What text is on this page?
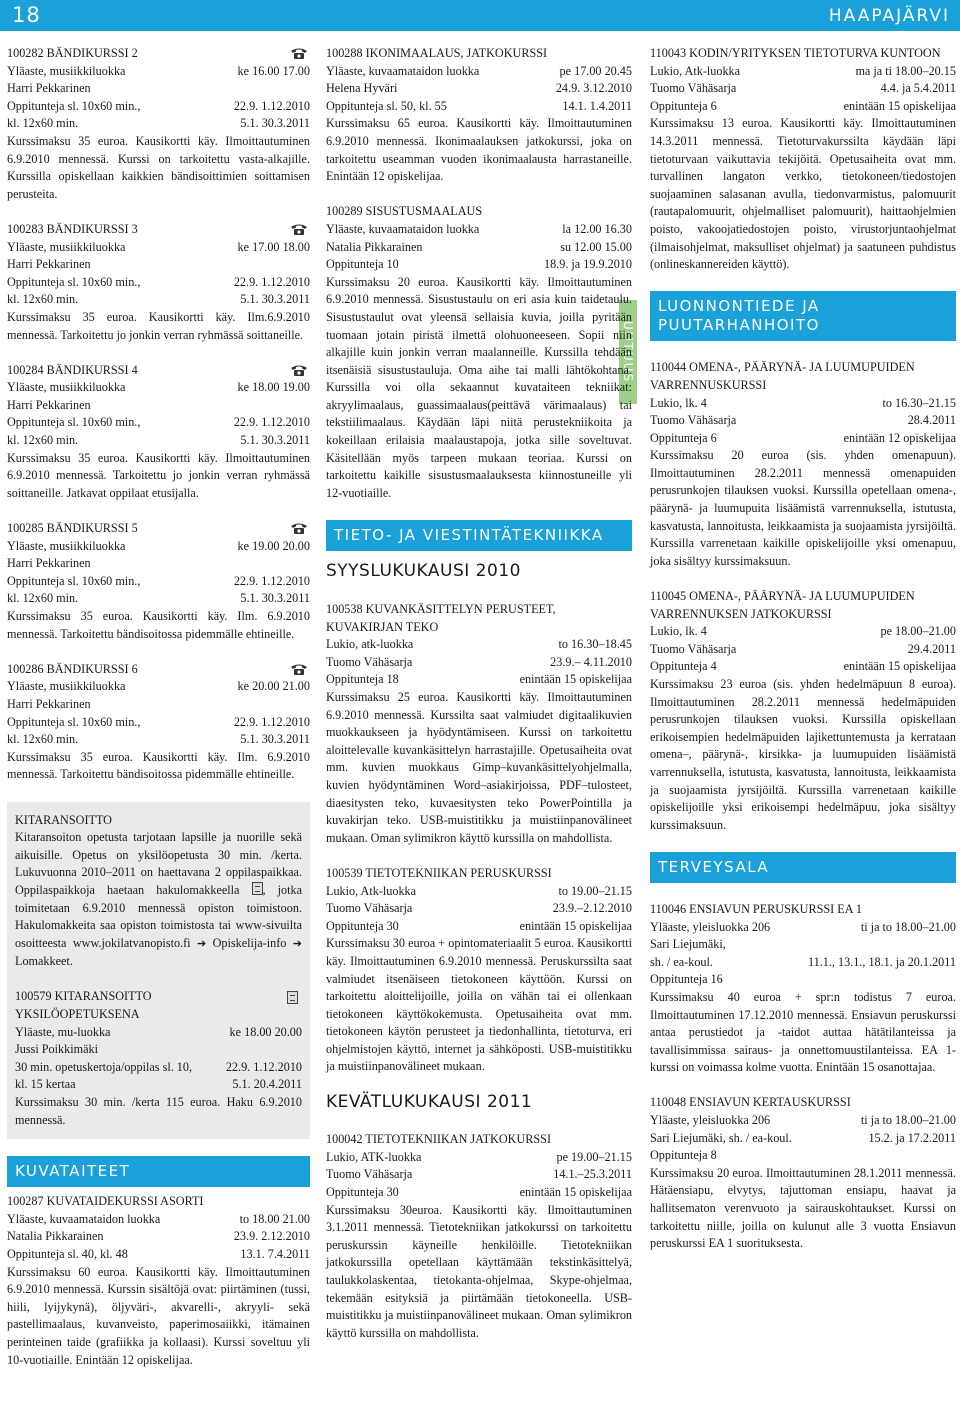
18	HAAPAJÄRVI
UUTUUS

100282 BÄNDIKURSSI 2

Yläaste, musiikkiluokka	ke 16.00 17.00

Harri Pekkarinen

Oppitunteja sl. 10x60 min.,	22.9. 1.12.2010
kl. 12x60 min.	5.1. 30.3.2011

Kurssimaksu 35 euroa. Kausikortti käy. Ilmoittautuminen 6.9.2010 mennessä. Kurssi on tarkoitettu vasta-alkajille. Kurssilla opiskellaan kaikkien bändisoittimien soittamisen perusteita.

100283 BÄNDIKURSSI 3

Yläaste, musiikkiluokka	ke 17.00 18.00

Harri Pekkarinen

Oppitunteja sl. 10x60 min.,	22.9. 1.12.2010
kl. 12x60 min.	5.1. 30.3.2011

Kurssimaksu 35 euroa. Kausikortti käy. Ilm.6.9.2010 mennessä. Tarkoitettu jo jonkin verran ryhmässä soittaneille.

100284 BÄNDIKURSSI 4

Yläaste, musiikkiluokka	ke 18.00 19.00

Harri Pekkarinen

Oppitunteja sl. 10x60 min.,	22.9. 1.12.2010
kl. 12x60 min.	5.1. 30.3.2011

Kurssimaksu 35 euroa. Kausikortti käy. Ilmoittautuminen 6.9.2010 mennessä. Tarkoitettu jo jonkin verran ryhmässä soittaneille. Jatkavat oppilaat etusijalla.

100285 BÄNDIKURSSI 5

Yläaste, musiikkiluokka	ke 19.00 20.00

Harri Pekkarinen

Oppitunteja sl. 10x60 min.,	22.9. 1.12.2010
kl. 12x60 min.	5.1. 30.3.2011

Kurssimaksu 35 euroa. Kausikortti käy. Ilm. 6.9.2010 mennessä. Tarkoitettu bändisoitossa pidemmälle ehtineille.

100286 BÄNDIKURSSI 6

Yläaste, musiikkiluokka	ke 20.00 21.00

Harri Pekkarinen

Oppitunteja sl. 10x60 min.,	22.9. 1.12.2010
kl. 12x60 min.	5.1. 30.3.2011

Kurssimaksu 35 euroa. Kausikortti käy. Ilm. 6.9.2010 mennessä. Tarkoitettu bändisoitossa pidemmälle ehtineille.

KITARANSOITTO

Kitaransoiton opetusta tarjotaan lapsille ja nuorille sekä aikuisille. Opetus on yksilöopetusta 30 min. /kerta. Lukuvuonna 2010–2011 on haettavana 2 oppilaspaikkaa. Oppilaspaikkoja haetaan hakulomakkeella , jotka toimitetaan 6.9.2010 mennessä opiston toimistoon. Hakulomakkeita saa opiston toimistosta tai www-sivuilta osoitteesta www.jokilatvanopisto.fi ➔ Opiskelija-info ➔ Lomakkeet.

100579 KITARANSOITTO

YKSILÖOPETUKSENA

Yläaste, mu-luokka	ke 18.00 20.00

Jussi Poikkimäki

30 min. opetuskertoja/oppilas sl. 10,	22.9. 1.12.2010
kl. 15 kertaa	5.1. 20.4.2011

Kurssimaksu 30 min. /kerta 115 euroa. Haku 6.9.2010 mennessä.

KUVATAITEET

100287 KUVATAIDEKURSSI ASORTI

Yläaste, kuvaamataidon luokka	to 18.00 21.00
Natalia Pikkarainen	23.9. 2.12.2010
Oppitunteja sl. 40, kl. 48	13.1. 7.4.2011

Kurssimaksu 60 euroa. Kausikortti käy. Ilmoittautuminen 6.9.2010 mennessä. Kurssin sisältöjä ovat: piirtäminen (tussi, hiili, lyijykynä), öljyväri-, akvarelli-, akryyli- sekä pastellimaalaus, kuvanveisto, paperimosaiikki, itämainen perinteinen taide (grafiikka ja kollaasi). Kurssi soveltuu yli 10-vuotiaille. Enintään 12 opiskelijaa.

100288 IKONIMAALAUS, JATKOKURSSI

Yläaste, kuvaamataidon luokka	pe 17.00 20.45
Helena Hyväri	24.9. 3.12.2010
Oppitunteja sl. 50, kl. 55	14.1. 1.4.2011

Kurssimaksu 65 euroa. Kausikortti käy. Ilmoittautuminen 6.9.2010 mennessä. Ikonimaalauksen jatkokurssi, joka on tarkoitettu useamman vuoden ikonimaalausta harrastaneille. Enintään 12 opiskelijaa.

100289 SISUSTUSMAALAUS

Yläaste, kuvaamataidon luokka	la 12.00 16.30
Natalia Pikkarainen	su 12.00 15.00
Oppitunteja 10	18.9. ja 19.9.2010

Kurssimaksu 20 euroa. Kausikortti käy. Ilmoittautuminen 6.9.2010 mennessä. Sisustustaulu on eri asia kuin taidetaulu. Sisustustaulut ovat yleensä sellaisia kuvia, joilla pyritään tuomaan jotain piristä ilmettä olohuoneeseen. Sopii niin alkajille kuin jonkin verran maalanneille. Kurssilla tehdään itsenäisiä sisustustauluja. Oma aihe tai malli lähtökohtana. Kurssilla voi olla sekaannut kuvataiteen tekniikat: akryylimaalaus, guassimaalaus(peittävä värimaalaus) tai tekstiilimaalaus. Käydään läpi niitä perustekniikoita ja kokeillaan erilaisia maalaustapoja, jotka sille soveltuvat. Käsitellään myös tarpeen mukaan teoriaa. Kurssi on tarkoitettu kaikille sisustusmaalauksesta kiinnostuneille yli 12-vuotiaille.

TIETO- JA VIESTINTÄTEKNIIKKA
SYYSLUKUKAUSI 2010

100538 KUVANKÄSITTELYN PERUSTEET,

KUVAKIRJAN TEKO

Lukio, atk-luokka	to 16.30–18.45
Tuomo Vähäsarja	23.9.– 4.11.2010
Oppitunteja 18	enintään 15 opiskelijaa

Kurssimaksu 25 euroa. Kausikortti käy. Ilmoittautuminen 6.9.2010 mennessä. Kurssilta saat valmiudet digitaalikuvien muokkaukseen ja hyödyntämiseen. Kurssi on tarkoitettu aloittelevalle kuvankäsittelyn harrastajille. Opetusaiheita ovat mm. kuvien muokkaus Gimp–kuvankäsittelyohjelmalla, kuvien hyödyntäminen Word–asiakirjoissa, PDF–tulosteet, diaesitysten teko, kuvaesitysten teko PowerPointilla ja kuvakirjan teko. USB-muistitikku ja muistiinpanovälineet mukaan. Oman sylimikron käyttö kurssilla on mahdollista.

100539 TIETOTEKNIIKAN PERUSKURSSI

Lukio, Atk-luokka	to 19.00–21.15
Tuomo Vähäsarja	23.9.–2.12.2010
Oppitunteja 30	enintään 15 opiskelijaa

Kurssimaksu 30 euroa + opintomateriaalit 5 euroa. Kausikortti käy. Ilmoittautuminen 6.9.2010 mennessä. Peruskurssilta saat valmiudet itsenäiseen tietokoneen käyttöön. Kurssi on tarkoitettu aloittelijoille, joilla on vähän tai ei ollenkaan tietokoneen käyttökokemusta. Opetusaiheita ovat mm. tietokoneen käytön perusteet ja tiedonhallinta, tietoturva, eri ohjelmistojen käyttö, internet ja sähköposti. USB-muistitikku ja muistiinpanovälineet mukaan.

KEVÄTLUKUKAUSI 2011

100042 TIETOTEKNIIKAN JATKOKURSSI

Lukio, ATK-luokka	pe 19.00–21.15
Tuomo Vähäsarja	14.1.–25.3.2011
Oppitunteja 30	enintään 15 opiskelijaa

Kurssimaksu 30euroa. Kausikortti käy. Ilmoittautuminen 3.1.2011 mennessä. Tietotekniikan jatkokurssi on tarkoitettu peruskurssin käyneille henkilöille. Tietotekniikan jatkokurssilla opetellaan käyttämään tekstinkäsittelyä, taulukkolaskentaa, tietokanta-ohjelmaa, Skype-ohjelmaa, tekemään esityksiä ja piirtämään tietokoneella. USB-muistitikku ja muistiinpanovälineet mukaan. Oman sylimikron käyttö kurssilla on mahdollista.

110043 KODIN/YRITYKSEN TIETOTURVA KUNTOON

Lukio, Atk-luokka	ma ja ti 18.00–20.15
Tuomo Vähäsarja	4.4. ja 5.4.2011
Oppitunteja 6	enintään 15 opiskelijaa

Kurssimaksu 13 euroa. Kausikortti käy. Ilmoittautuminen 14.3.2011 mennessä. Tietoturvakurssilta käydään läpi tietoturvaan vaikuttavia tekijöitä. Opetusaiheita ovat mm. turvallinen langaton verkko, tietokoneen/tiedostojen suojaaminen salasanan avulla, tiedonvarmistus, palomuurit (rautapalomuurit, ohjelmalliset palomuurit), haittaohjelmien poisto, vakoojatiedostojen poisto, virustorjuntaohjelmat (ilmaisohjelmat, maksulliset ohjelmat) ja saatuneen puhdistus (onlineskannereiden käyttö).

LUONNONTIEDE JA PUUTARHANHOITO

110044 OMENA-, PÄÄRYNÄ- JA LUUMUPUIDEN

VARRENNUSKURSSI

Lukio, lk. 4	to 16.30–21.15
Tuomo Vähäsarja	28.4.2011
Oppitunteja 6	enintään 12 opiskelijaa

Kurssimaksu 20 euroa (sis. yhden omenapuun). Ilmoittautuminen 28.2.2011 mennessä omenapuiden perusrunkojen tilauksen vuoksi. Kurssilla opetellaan omena-, päärynä- ja luumupuita lisäämistä varrennuksella, istutusta, kasvatusta, lannoitusta, leikkaamista ja suojaamista jyrsijöiltä. Kurssilla varrenetaan kaikille opiskelijoille yksi omenapuu, joka sisältyy kurssimaksuun.

110045 OMENA-, PÄÄRYNÄ- JA LUUMUPUIDEN

VARRENNUKSEN JATKOKURSSI

Lukio, lk. 4	pe 18.00–21.00
Tuomo Vähäsarja	29.4.2011
Oppitunteja 4	enintään 15 opiskelijaa

Kurssimaksu 23 euroa (sis. yhden hedelmäpuun 8 euroa). Ilmoittautuminen 28.2.2011 mennessä hedelmäpuiden perusrunkojen tilauksen vuoksi. Kurssilla opiskellaan erikoisempien hedelmäpuiden lajikettuntemusta ja kerrataan omena–, päärynä-, kirsikka- ja luumupuiden lisäämistä varrennuksella, istutusta, kasvatusta, lannoitusta, leikkaamista ja suojaamista jyrsijöiltä. Kurssilla varrenetaan kaikille opiskelijoille yksi erikoisempi hedelmäpuu, joka sisältyy kurssimaksuun.

TERVEYSALA

110046 ENSIAVUN PERUSKURSSI EA 1

Yläaste, yleisluokka 206	ti ja to 18.00–21.00

Sari Liejumäki,

sh. / ea-koul.	11.1., 13.1., 18.1. ja 20.1.2011

Oppitunteja 16

Kurssimaksu 40 euroa + spr:n todistus 7 euroa. Ilmoittautuminen 17.12.2010 mennessä. Ensiavun peruskurssi antaa perustiedot ja -taidot auttaa hätätilanteissa ja tavallisimmissa sairaus- ja onnettomuustilanteissa. EA 1-kurssi on voimassa kolme vuotta. Enintään 15 osanottajaa.

110048 ENSIAVUN KERTAUSKURSSI

Yläaste, yleisluokka 206	ti ja to 18.00–21.00
Sari Liejumäki, sh. / ea-koul.	15.2. ja 17.2.2011

Oppitunteja 8

Kurssimaksu 20 euroa. Ilmoittautuminen 28.1.2011 mennessä. Hätäensiapu, elvytys, tajuttoman ensiapu, haavat ja hallitsematon verenvuoto ja sairauskohtaukset. Kurssi on tarkoitettu niille, joilla on kulunut alle 3 vuotta Ensiavun peruskurssi EA 1 suorituksesta.
